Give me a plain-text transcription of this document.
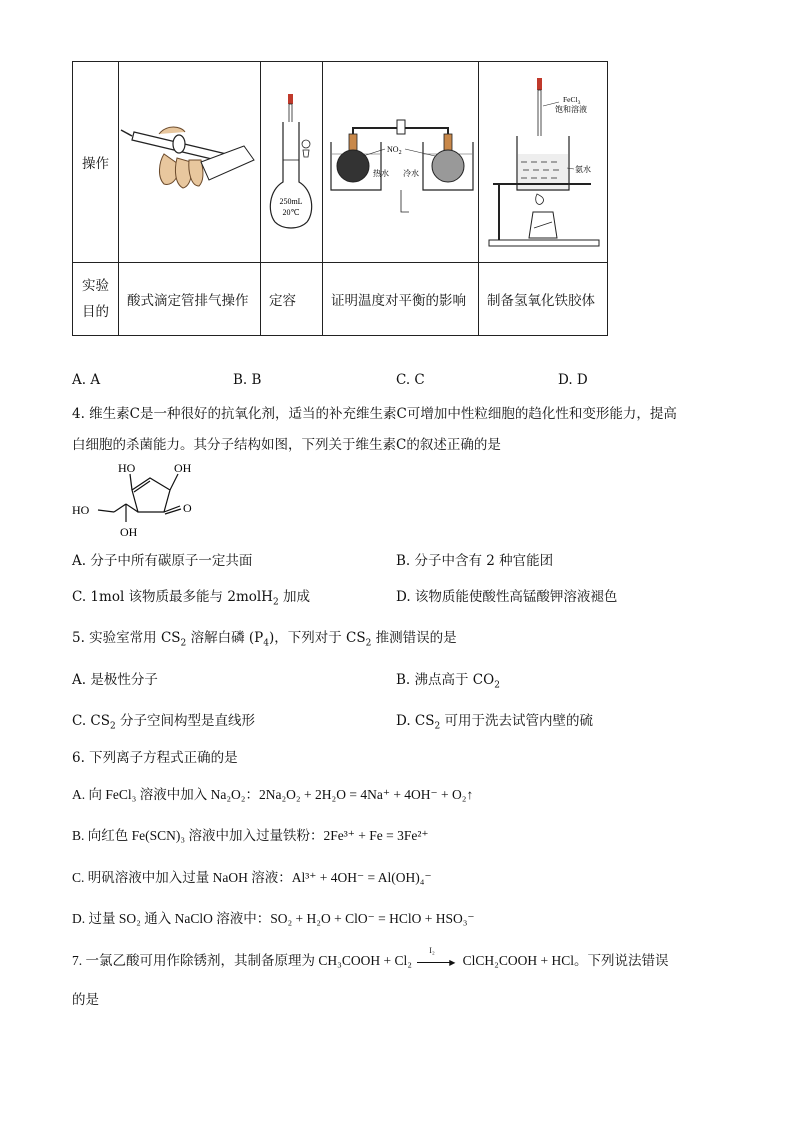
操作		250mL
20℃	$NO_2$
热水 冷水	FeCl$_3$
饱和溶液
氨水

实验
目的	酸式滴定管排气操作	定容	证明温度对平衡的影响	制备氢氧化铁胶体
A. A	B. B	C. C	D. D
4. 维生素C是一种很好的抗氧化剂，适当的补充维生素C可增加中性粒细胞的趋化性和变形能力，提高
白细胞的杀菌能力。其分子结构如图，下列关于维生素C的叙述正确的是
HO	OH
HO	O
OH
A. 分子中所有碳原子一定共面	B. 分子中含有 2 种官能团
C. 1mol 该物质最多能与 2molH$_2$ 加成	D. 该物质能使酸性高锰酸钾溶液褪色
5. 实验室常用 $CS_2$ 溶解白磷 $(P_4)$，下列对于 $CS_2$ 推测错误的是
A. 是极性分子	B. 沸点高于 $CO_2$
C. $CS_2$ 分子空间构型是直线形	D. $CS_2$ 可用于洗去试管内壁的硫
6. 下列离子方程式正确的是
A. 向 FeCl₃ 溶液中加入 Na₂O₂：2Na₂O₂ + 2H₂O = 4Na⁺ + 4OH⁻ + O₂↑
B. 向红色 Fe(SCN)₃ 溶液中加入过量铁粉：2Fe³⁺ + Fe = 3Fe²⁺
C. 明矾溶液中加入过量 NaOH 溶液：Al³⁺ + 4OH⁻ = Al(OH)₄⁻
D. 过量 SO₂ 通入 NaClO 溶液中：SO₂ + H₂O + ClO⁻ = HClO + HSO₃⁻
7. 一氯乙酸可用作除锈剂，其制备原理为 CH₃COOH + Cl₂
I₂
▶ ClCH₂COOH + HCl。下列说法错误
的是
